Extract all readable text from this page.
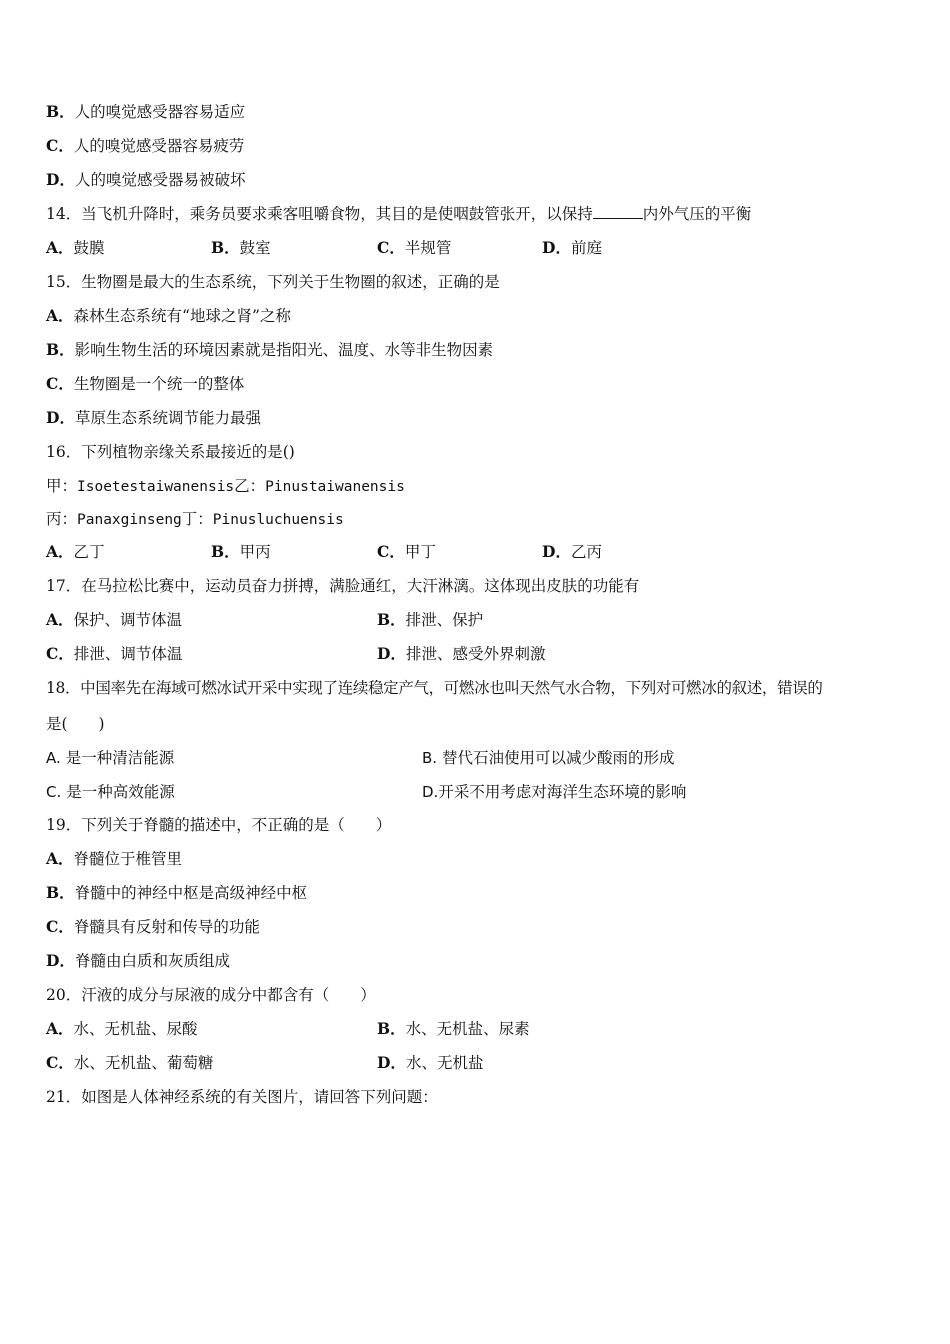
B．人的嗅觉感受器容易适应
C．人的嗅觉感受器容易疲劳
D．人的嗅觉感受器易被破坏
14．当飞机升降时，乘务员要求乘客咀嚼食物，其目的是使咽鼓管张开，以保持	内外气压的平衡
A．鼓膜	B．鼓室	C．半规管	D．前庭
15．生物圈是最大的生态系统，下列关于生物圈的叙述，正确的是
A．森林生态系统有“地球之肾”之称
B．影响生物生活的环境因素就是指阳光、温度、水等非生物因素
C．生物圈是一个统一的整体
D．草原生态系统调节能力最强
16．下列植物亲缘关系最接近的是()
甲：Isoetestaiwanensis乙：Pinustaiwanensis
丙：Panaxginseng丁：Pinusluchuensis
A．乙丁	B．甲丙	C．甲丁	D．乙丙
17．在马拉松比赛中，运动员奋力拼搏，满脸通红，大汗淋漓。这体现出皮肤的功能有
A．保护、调节体温	B．排泄、保护
C．排泄、调节体温	D．排泄、感受外界刺激
18．中国率先在海域可燃冰试开采中实现了连续稳定产气，可燃冰也叫天然气水合物，下列对可燃冰的叙述，错误的
是(　　)
A. 是一种清洁能源	B. 替代石油使用可以减少酸雨的形成
C. 是一种高效能源	D.开采不用考虑对海洋生态环境的影响
19．下列关于脊髓的描述中，不正确的是（　　）
A．脊髓位于椎管里
B．脊髓中的神经中枢是高级神经中枢
C．脊髓具有反射和传导的功能
D．脊髓由白质和灰质组成
20．汗液的成分与尿液的成分中都含有（　　）
A．水、无机盐、尿酸	B．水、无机盐、尿素
C．水、无机盐、葡萄糖	D．水、无机盐
21．如图是人体神经系统的有关图片，请回答下列问题：
